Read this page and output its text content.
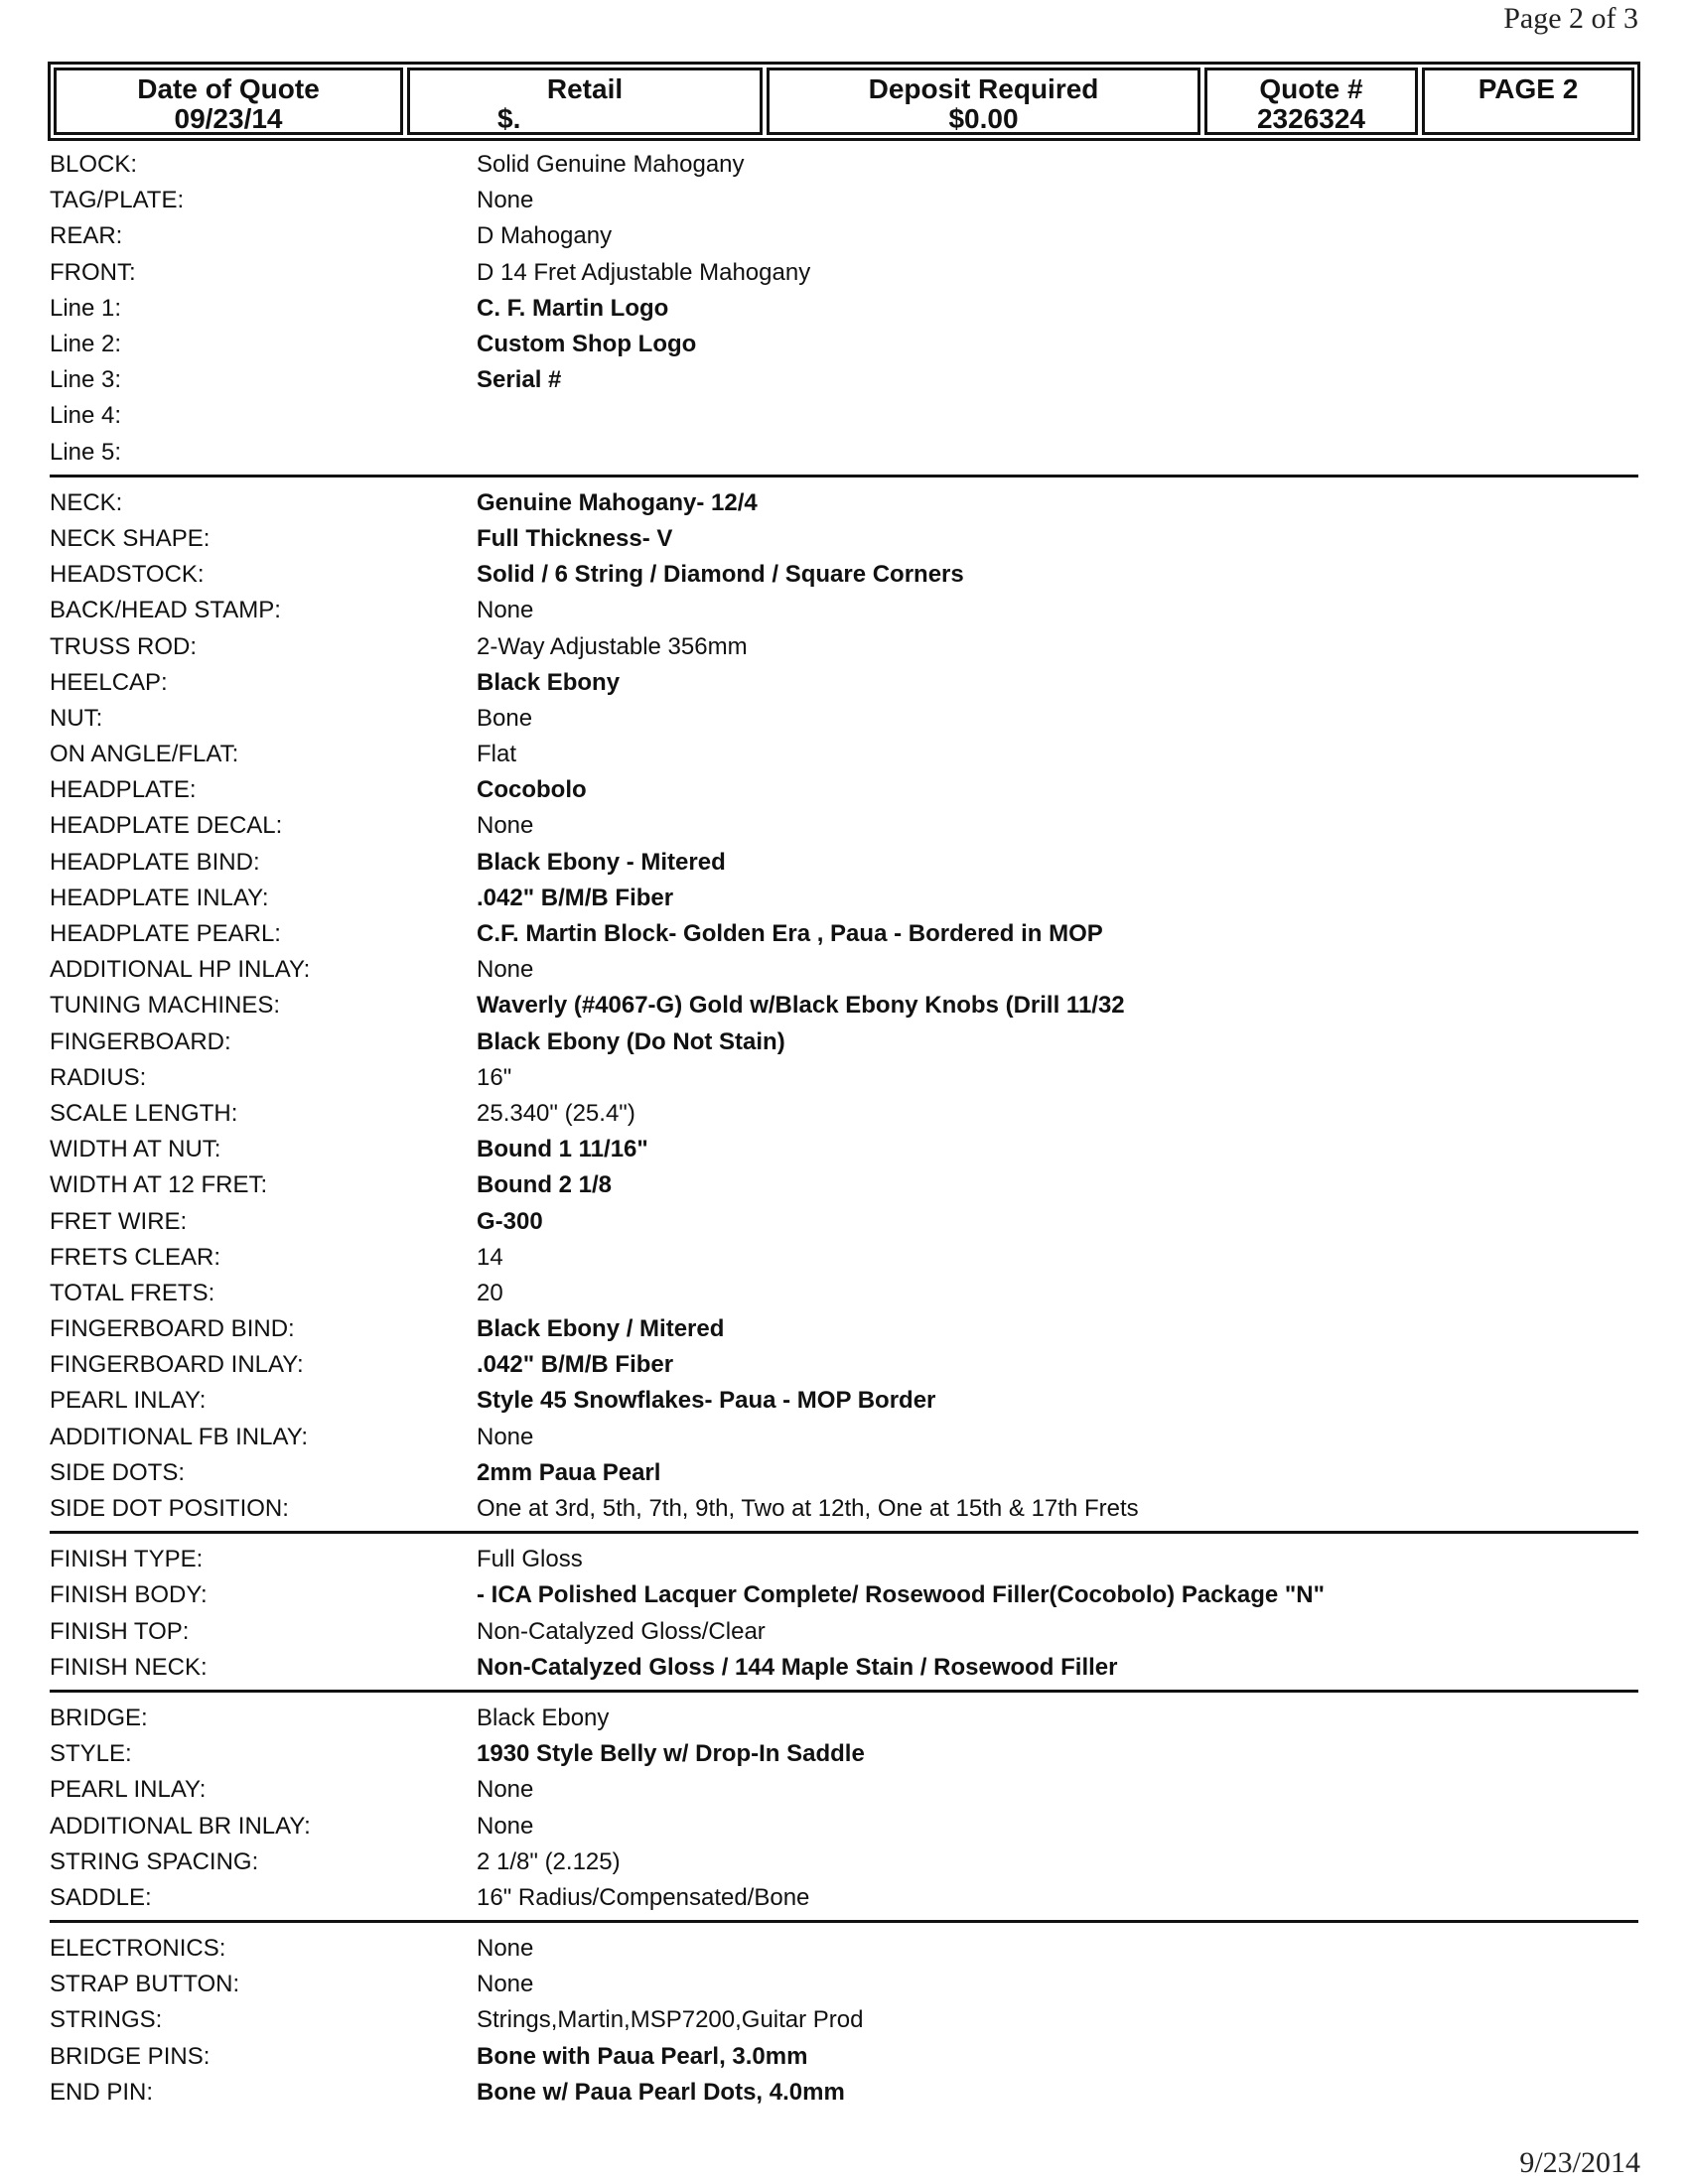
Page 2 of 3
Date of Quote
09/23/14
Retail
$.
Deposit Required
$0.00
Quote #
2326324
PAGE 2
BLOCK:	Solid Genuine Mahogany
TAG/PLATE:	None
REAR:	D Mahogany
FRONT:	D 14 Fret Adjustable Mahogany
Line 1:	C. F. Martin Logo
Line 2:	Custom Shop Logo
Line 3:	Serial #
Line 4:
Line 5:
NECK:	Genuine Mahogany- 12/4
NECK SHAPE:	Full Thickness- V
HEADSTOCK:	Solid / 6 String / Diamond / Square Corners
BACK/HEAD STAMP:	None
TRUSS ROD:	2-Way Adjustable 356mm
HEELCAP:	Black Ebony
NUT:	Bone
ON ANGLE/FLAT:	Flat
HEADPLATE:	Cocobolo
HEADPLATE DECAL:	None
HEADPLATE BIND:	Black Ebony - Mitered
HEADPLATE INLAY:	.042" B/M/B Fiber
HEADPLATE PEARL:	C.F. Martin Block- Golden Era , Paua - Bordered in MOP
ADDITIONAL HP INLAY:	None
TUNING MACHINES:	Waverly (#4067-G) Gold w/Black Ebony Knobs (Drill 11/32
FINGERBOARD:	Black Ebony (Do Not Stain)
RADIUS:	16"
SCALE LENGTH:	25.340" (25.4")
WIDTH AT NUT:	Bound 1 11/16"
WIDTH AT 12 FRET:	Bound 2 1/8
FRET WIRE:	G-300
FRETS CLEAR:	14
TOTAL FRETS:	20
FINGERBOARD BIND:	Black Ebony / Mitered
FINGERBOARD INLAY:	.042" B/M/B Fiber
PEARL INLAY:	Style 45 Snowflakes- Paua - MOP Border
ADDITIONAL FB INLAY:	None
SIDE DOTS:	2mm Paua Pearl
SIDE DOT POSITION:	One at 3rd, 5th, 7th, 9th, Two at 12th, One at 15th & 17th Frets
FINISH TYPE:	Full Gloss
FINISH BODY:	- ICA Polished Lacquer Complete/ Rosewood Filler(Cocobolo) Package "N"
FINISH TOP:	Non-Catalyzed Gloss/Clear
FINISH NECK:	Non-Catalyzed Gloss / 144 Maple Stain / Rosewood Filler
BRIDGE:	Black Ebony
STYLE:	1930 Style Belly w/ Drop-In Saddle
PEARL INLAY:	None
ADDITIONAL BR INLAY:	None
STRING SPACING:	2 1/8" (2.125)
SADDLE:	16" Radius/Compensated/Bone
ELECTRONICS:	None
STRAP BUTTON:	None
STRINGS:	Strings,Martin,MSP7200,Guitar Prod
BRIDGE PINS:	Bone with Paua Pearl, 3.0mm
END PIN:	Bone w/ Paua Pearl Dots, 4.0mm
9/23/2014
